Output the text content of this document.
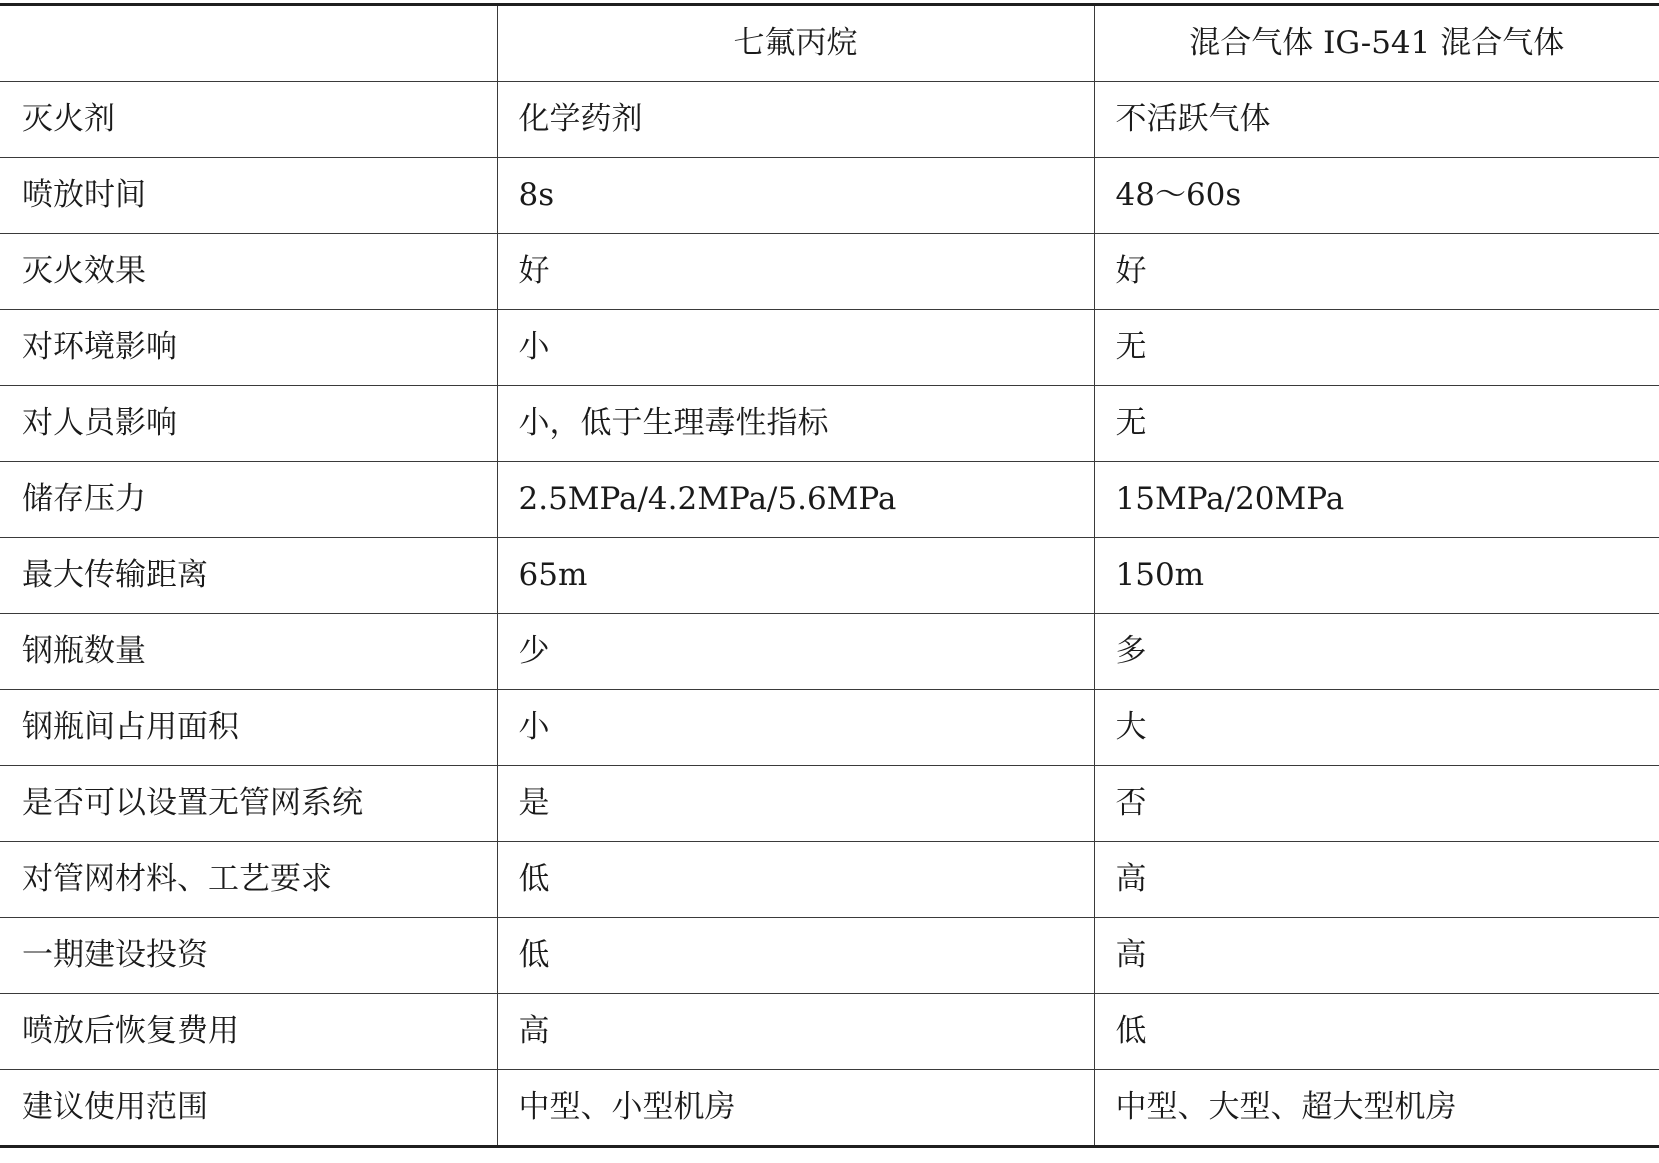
	七氟丙烷	混合气体 IG-541 混合气体
灭火剂	化学药剂	不活跃气体
喷放时间	8s	48～60s
灭火效果	好	好
对环境影响	小	无
对人员影响	小，低于生理毒性指标	无
储存压力	2.5MPa/4.2MPa/5.6MPa	15MPa/20MPa
最大传输距离	65m	150m
钢瓶数量	少	多
钢瓶间占用面积	小	大
是否可以设置无管网系统	是	否
对管网材料、工艺要求	低	高
一期建设投资	低	高
喷放后恢复费用	高	低
建议使用范围	中型、小型机房	中型、大型、超大型机房
